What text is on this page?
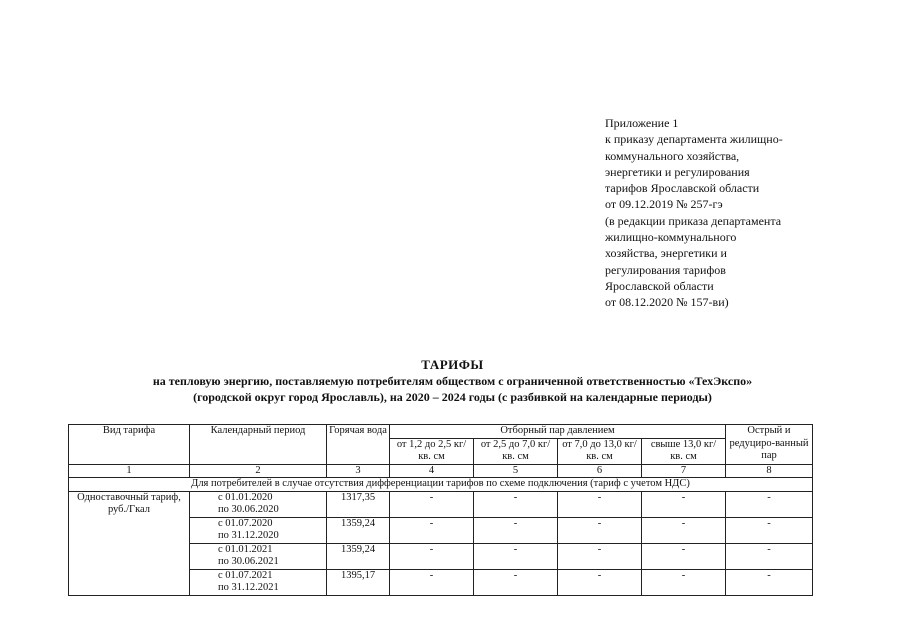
Приложение 1
к приказу департамента жилищно-
коммунального хозяйства,
энергетики и регулирования
тарифов Ярославской области
от 09.12.2019 № 257-гэ
(в редакции приказа департамента
жилищно-коммунального
хозяйства, энергетики и
регулирования тарифов
Ярославской области
от 08.12.2020 № 157-ви)
ТАРИФЫ
на тепловую энергию, поставляемую потребителям обществом с ограниченной ответственностью «ТехЭкспо»
(городской округ город Ярославль), на 2020 – 2024 годы (с разбивкой на календарные периоды)
Вид тарифа	Календарный период	Горячая вода	Отборный пар давлением				Острый и редуциро-ванный пар
			от 1,2 до 2,5 кг/ кв. см	от 2,5 до 7,0 кг/ кв. см	от 7,0 до 13,0 кг/ кв. см	свыше 13,0 кг/ кв. см	
1	2	3	4	5	6	7	8
Для потребителей в случае отсутствия дифференциации тарифов по схеме подключения (тариф с учетом НДС)							
Одноставочный тариф, руб./Гкал	с 01.01.2020
по 30.06.2020	1317,35	-	-	-	-	-

	с 01.07.2020
по 31.12.2020	1359,24	-	-	-	-	-

	с 01.01.2021
по 30.06.2021	1359,24	-	-	-	-	-

	с 01.07.2021
по 31.12.2021	1395,17	-	-	-	-	-
